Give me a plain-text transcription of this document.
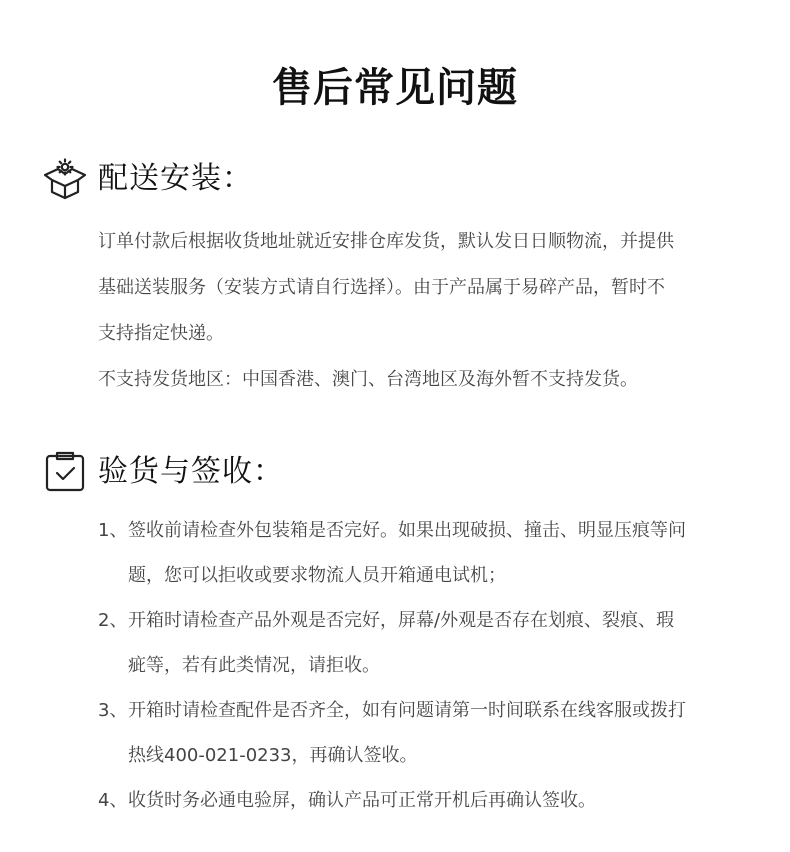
售后常见问题
配送安装：

订单付款后根据收货地址就近安排仓库发货，默认发日日顺物流，并提供

基础送装服务（安装方式请自行选择）。由于产品属于易碎产品，暂时不

支持指定快递。

不支持发货地区：中国香港、澳门、台湾地区及海外暂不支持发货。

验货与签收：
1、 签收前请检查外包装箱是否完好。如果出现破损、撞击、明显压痕等问

题，您可以拒收或要求物流人员开箱通电试机；

2、 开箱时请检查产品外观是否完好，屏幕/外观是否存在划痕、裂痕、瑕

疵等，若有此类情况，请拒收。

3、 开箱时请检查配件是否齐全，如有问题请第一时间联系在线客服或拨打

热线400-021-0233，再确认签收。

4、 收货时务必通电验屏，确认产品可正常开机后再确认签收。
